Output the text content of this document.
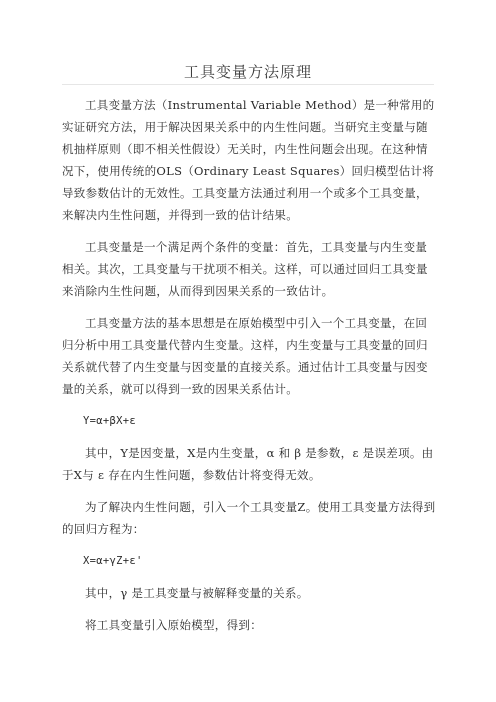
工具变量方法原理

工具变量方法（Instrumental Variable Method）是一种常用的实证研究方法，用于解决因果关系中的内生性问题。当研究主变量与随机抽样原则（即不相关性假设）无关时，内生性问题会出现。在这种情况下，使用传统的OLS（Ordinary Least Squares）回归模型估计将导致参数估计的无效性。工具变量方法通过利用一个或多个工具变量，来解决内生性问题，并得到一致的估计结果。

工具变量是一个满足两个条件的变量：首先，工具变量与内生变量相关。其次，工具变量与干扰项不相关。这样，可以通过回归工具变量来消除内生性问题，从而得到因果关系的一致估计。

工具变量方法的基本思想是在原始模型中引入一个工具变量，在回归分析中用工具变量代替内生变量。这样，内生变量与工具变量的回归关系就代替了内生变量与因变量的直接关系。通过估计工具变量与因变量的关系，就可以得到一致的因果关系估计。

Y=α+βX+ε

其中，Y是因变量，X是内生变量，α 和 β 是参数，ε 是误差项。由于X与 ε 存在内生性问题，参数估计将变得无效。

为了解决内生性问题，引入一个工具变量Z。使用工具变量方法得到的回归方程为：

X=α+γZ+ε'

其中，γ 是工具变量与被解释变量的关系。

将工具变量引入原始模型，得到：
